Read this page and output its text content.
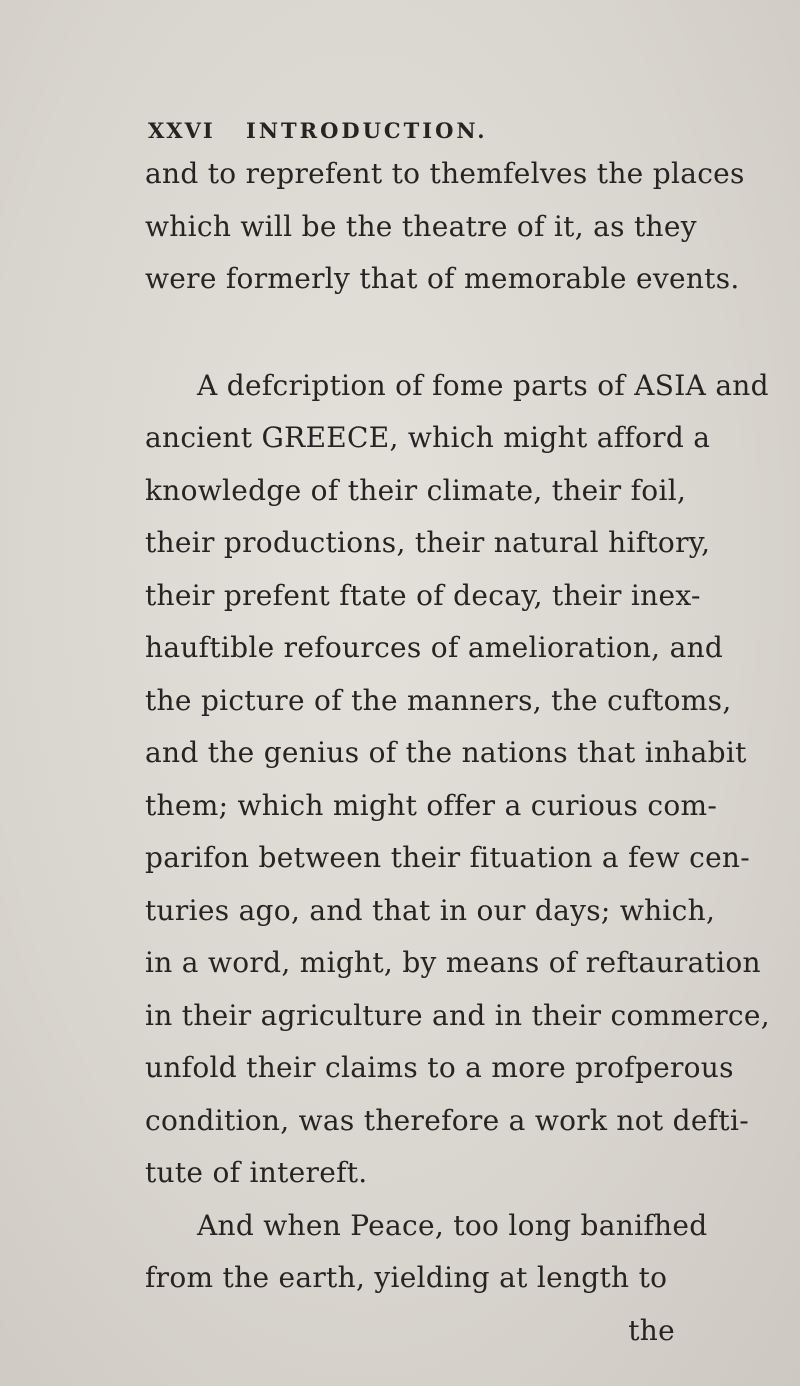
XXVI INTRODUCTION.
and to reprefent to themfelves the places
which will be the theatre of it, as they
were formerly that of memorable events.
A defcription of fome parts of ASIA and
ancient GREECE, which might afford a
knowledge of their climate, their foil,
their productions, their natural hiftory,
their prefent ftate of decay, their inex-
hauftible refources of amelioration, and
the picture of the manners, the cuftoms,
and the genius of the nations that inhabit
them; which might offer a curious com-
parifon between their fituation a few cen-
turies ago, and that in our days; which,
in a word, might, by means of reftauration
in their agriculture and in their commerce,
unfold their claims to a more profperous
condition, was therefore a work not defti-
tute of intereft.
And when Peace, too long banifhed
from the earth, yielding at length to
the
